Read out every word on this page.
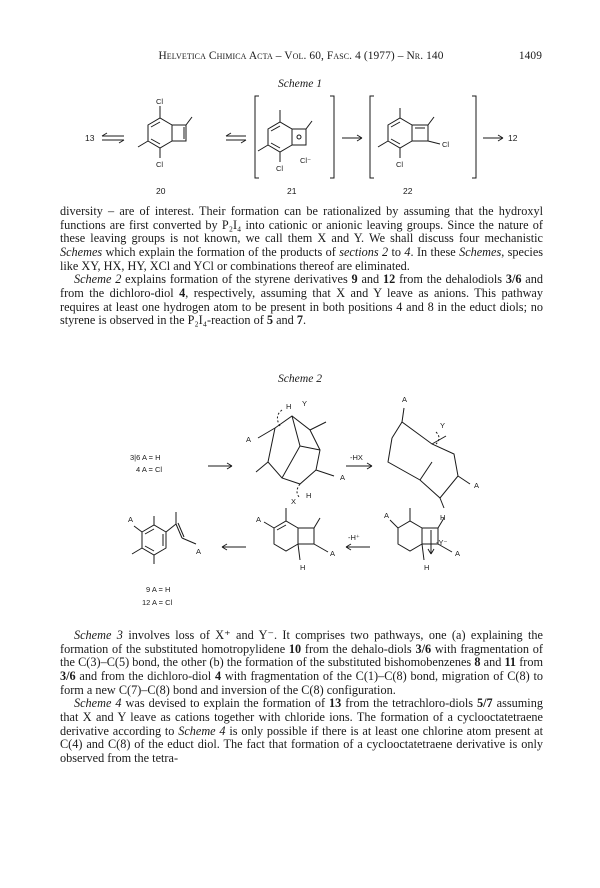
Helvetica Chimica Acta – Vol. 60, Fasc. 4 (1977) – Nr. 140	1409
Scheme 1
13
Cl
Cl
20
Cl
Cl⁻
21
Cl
Cl
22
12

diversity – are of interest. Their formation can be rationalized by assuming that the hydroxyl functions are first converted by P₂I₄ into cationic or anionic leaving groups. Since the nature of these leaving groups is not known, we call them X and Y. We shall discuss four mechanistic Schemes which explain the formation of the products of sections 2 to 4. In these Schemes, species like XY, HX, HY, XCl and YCl or combinations thereof are eliminated.

Scheme 2 explains formation of the styrene derivatives 9 and 12 from the dehalodiols 3/6 and from the dichloro-diol 4, respectively, assuming that X and Y leave as anions. This pathway requires at least one hydrogen atom to be present in both positions 4 and 8 in the educt diols; no styrene is observed in the P₂I₄-reaction of 5 and 7.

Scheme 2
3|6 A = H
4 A = Cl
A
H Y
A
X
H
-HX
A
Y
A
H
-Y⁻
A
A
H
-H⁺
A
A
H
A
A
9 A = H
12 A = Cl

Scheme 3 involves loss of X⁺ and Y⁻. It comprises two pathways, one (a) explaining the formation of the substituted homotropylidene 10 from the dehalo-diols 3/6 with fragmentation of the C(3)–C(5) bond, the other (b) the formation of the substituted bishomobenzenes 8 and 11 from 3/6 and from the dichloro-diol 4 with fragmentation of the C(1)–C(8) bond, migration of C(8) to form a new C(7)–C(8) bond and inversion of the C(8) configuration.

Scheme 4 was devised to explain the formation of 13 from the tetrachloro-diols 5/7 assuming that X and Y leave as cations together with chloride ions. The formation of a cyclooctatetraene derivative according to Scheme 4 is only possible if there is at least one chlorine atom present at C(4) and C(8) of the educt diol. The fact that formation of a cyclooctatetraene derivative is only observed from the tetra-
